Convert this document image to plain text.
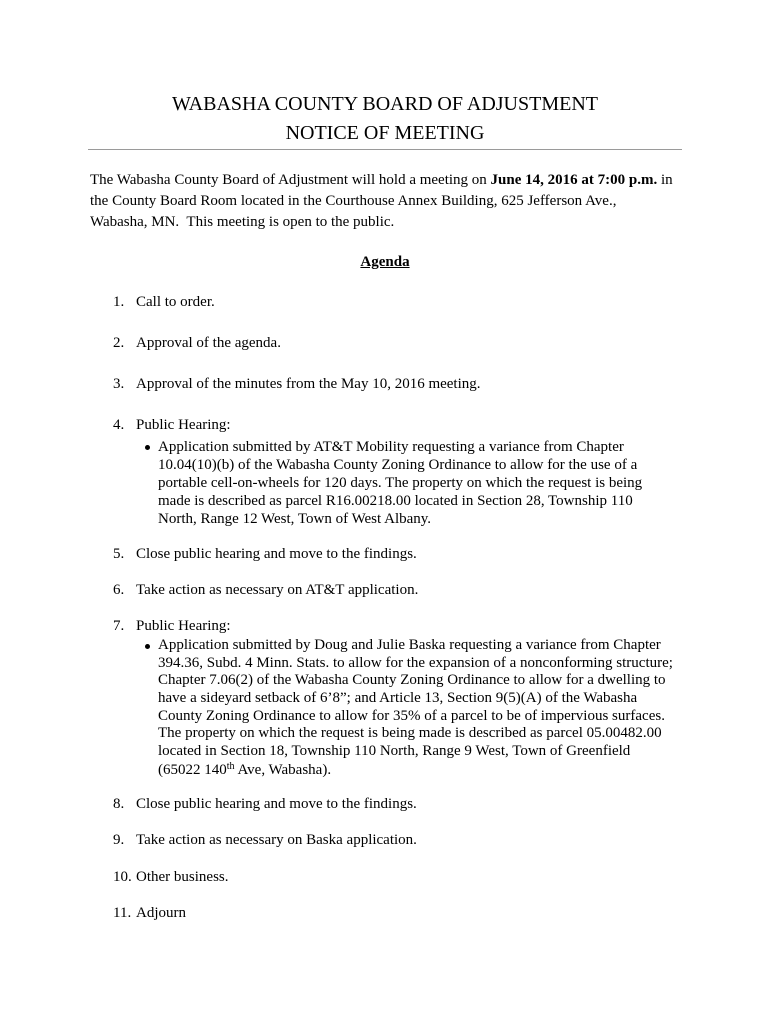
WABASHA COUNTY BOARD OF ADJUSTMENT
NOTICE OF MEETING
The Wabasha County Board of Adjustment will hold a meeting on June 14, 2016 at 7:00 p.m. in
the County Board Room located in the Courthouse Annex Building, 625 Jefferson Ave.,
Wabasha, MN.  This meeting is open to the public.
Agenda
1. Call to order.
2. Approval of the agenda.
3. Approval of the minutes from the May 10, 2016 meeting.
4. Public Hearing:
Application submitted by AT&T Mobility requesting a variance from Chapter
10.04(10)(b) of the Wabasha County Zoning Ordinance to allow for the use of a
portable cell-on-wheels for 120 days. The property on which the request is being
made is described as parcel R16.00218.00 located in Section 28, Township 110
North, Range 12 West, Town of West Albany.
5. Close public hearing and move to the findings.
6. Take action as necessary on AT&T application.
7. Public Hearing:
Application submitted by Doug and Julie Baska requesting a variance from Chapter
394.36, Subd. 4 Minn. Stats. to allow for the expansion of a nonconforming structure;
Chapter 7.06(2) of the Wabasha County Zoning Ordinance to allow for a dwelling to
have a sideyard setback of 6’8”; and Article 13, Section 9(5)(A) of the Wabasha
County Zoning Ordinance to allow for 35% of a parcel to be of impervious surfaces.
The property on which the request is being made is described as parcel 05.00482.00
located in Section 18, Township 110 North, Range 9 West, Town of Greenfield
(65022 140th Ave, Wabasha).
8. Close public hearing and move to the findings.
9. Take action as necessary on Baska application.
10. Other business.
11. Adjourn
